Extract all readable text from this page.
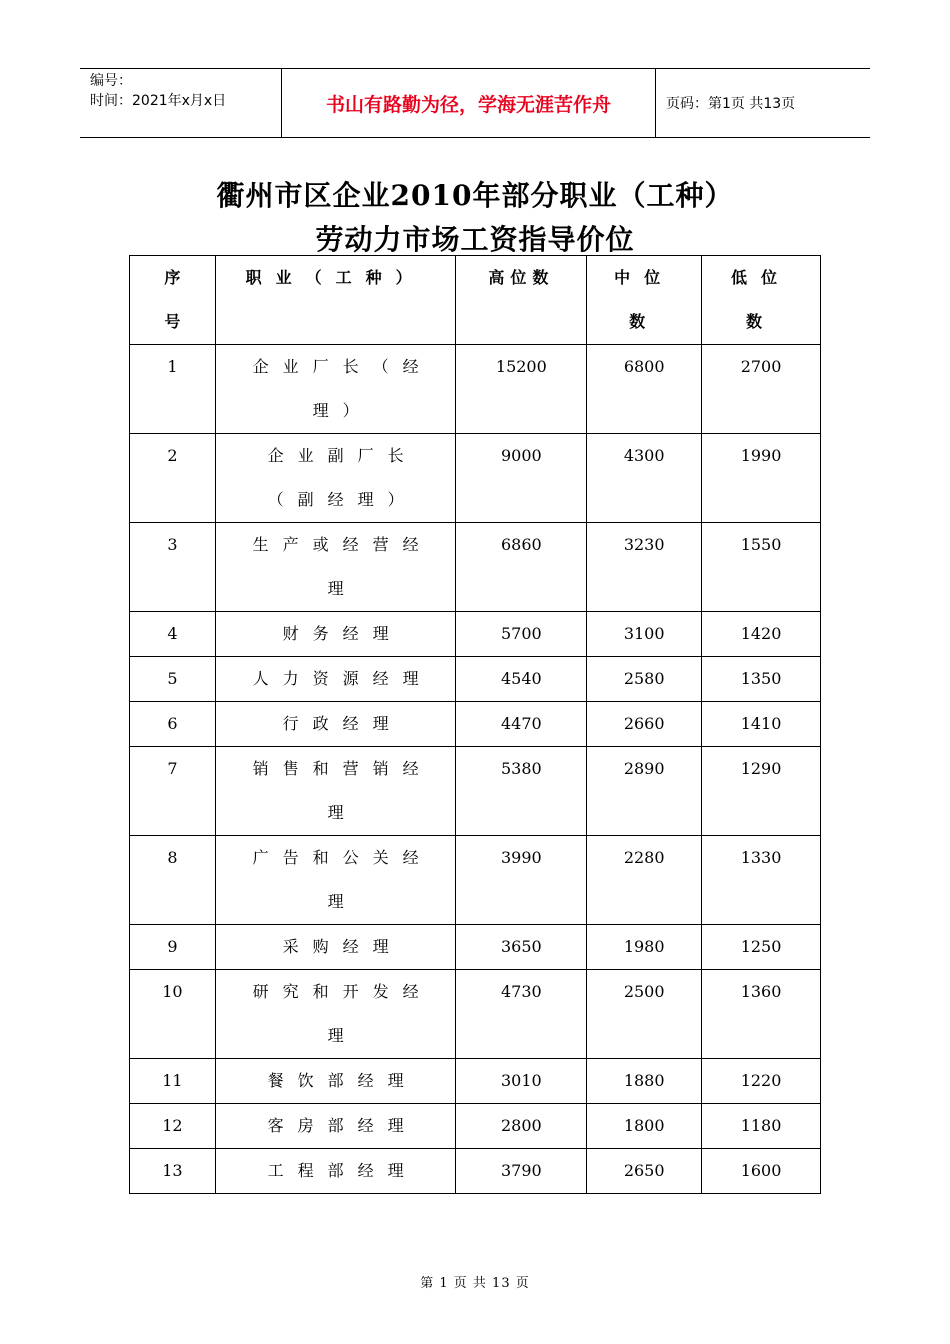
编号：
时间：2021年x月x日	书山有路勤为径，学海无涯苦作舟	页码：第1页 共13页
衢州市区企业2010年部分职业（工种）
劳动力市场工资指导价位
序号	职业（工种）	高位数	中位数	低位数

1	企业厂长（经理）	15200	6800	2700

2	企业副厂长（副经理）	9000	4300	1990

3	生产或经营经理	6860	3230	1550

4	财务经理	5700	3100	1420

5	人力资源经理	4540	2580	1350

6	行政经理	4470	2660	1410

7	销售和营销经理	5380	2890	1290

8	广告和公关经理	3990	2280	1330

9	采购经理	3650	1980	1250

10	研究和开发经理	4730	2500	1360

11	餐饮部经理	3010	1880	1220

12	客房部经理	2800	1800	1180

13	工程部经理	3790	2650	1600
第 1 页 共 13 页
